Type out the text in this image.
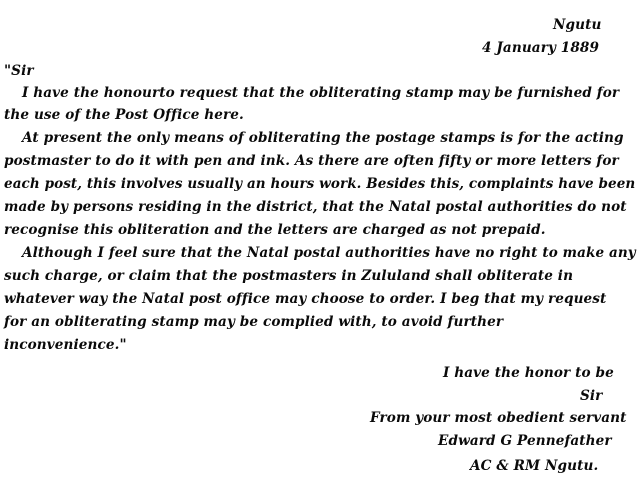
Ngutu
4 January 1889
"Sir
I have the honourto request that the obliterating stamp may be furnished for
the use of the Post Office here.
At present the only means of obliterating the postage stamps is for the acting
postmaster to do it with pen and ink. As there are often fifty or more letters for
each post, this involves usually an hours work. Besides this, complaints have been
made by persons residing in the district, that the Natal postal authorities do not
recognise this obliteration and the letters are charged as not prepaid.
Although I feel sure that the Natal postal authorities have no right to make any
such charge, or claim that the postmasters in Zululand shall obliterate in
whatever way the Natal post office may choose to order. I beg that my request
for an obliterating stamp may be complied with, to avoid further
inconvenience."
I have the honor to be
Sir
From your most obedient servant
Edward G Pennefather
AC & RM Ngutu.
